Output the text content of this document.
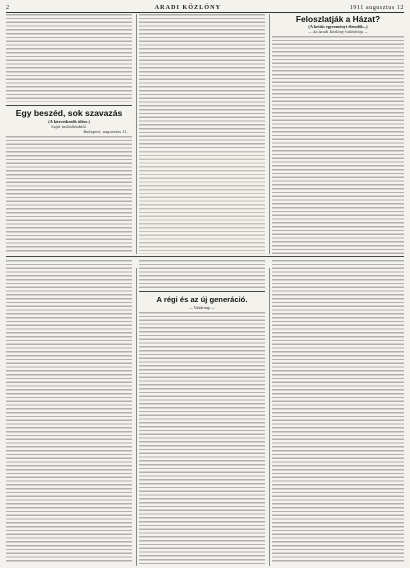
2	ARADI KÖZLÖNY	1911 augusztus 12
Egy beszéd, sok szavazás
(A közvetkezők ülése.)
Saját tudósítónktól.
Budapest, augusztus 11.
Feloszlatják a Házat?
(A kettős egyezményt élesedik...)
— Az Aradi Közlöny tudósítója —
A régi és az új generáció.
— Vásárnap —
